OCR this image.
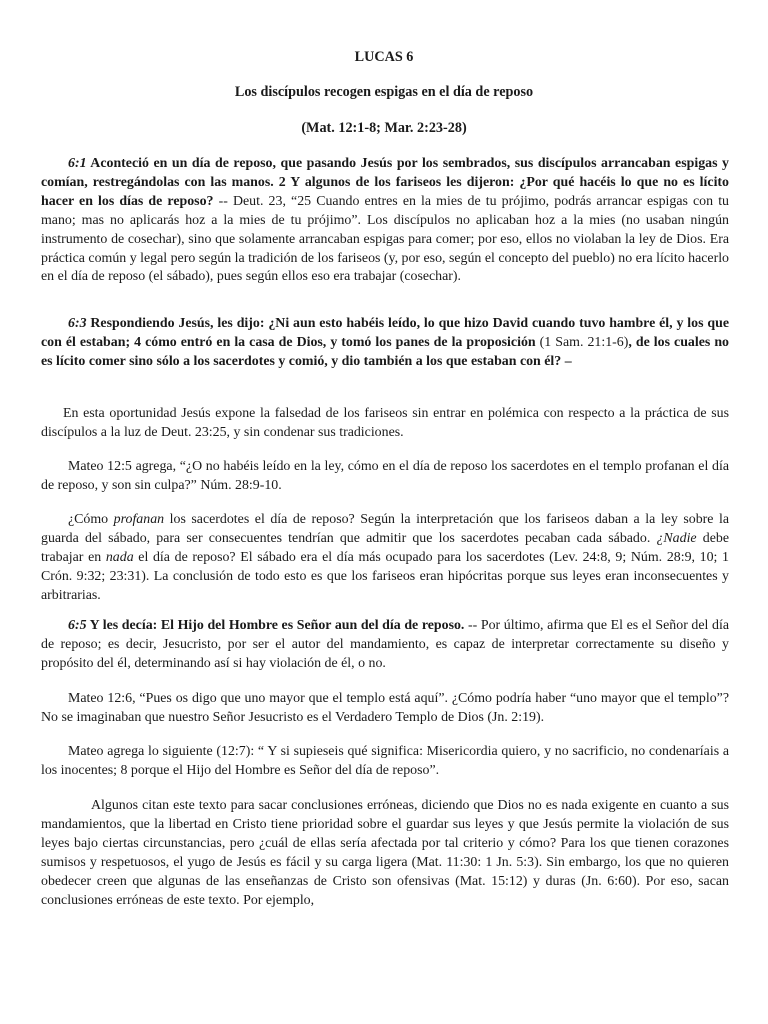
LUCAS 6

Los discípulos recogen espigas en el día de reposo

(Mat. 12:1-8; Mar. 2:23-28)

6:1 Aconteció en un día de reposo, que pasando Jesús por los sembrados, sus discípulos arrancaban espigas y comían, restregándolas con las manos. 2 Y algunos de los fariseos les dijeron: ¿Por qué hacéis lo que no es lícito hacer en los días de reposo? -- Deut. 23, “25 Cuando entres en la mies de tu prójimo, podrás arrancar espigas con tu mano; mas no aplicarás hoz a la mies de tu prójimo”. Los discípulos no aplicaban hoz a la mies (no usaban ningún instrumento de cosechar), sino que solamente arrancaban espigas para comer; por eso, ellos no violaban la ley de Dios. Era práctica común y legal pero según la tradición de los fariseos (y, por eso, según el concepto del pueblo) no era lícito hacerlo en el día de reposo (el sábado), pues según ellos eso era trabajar (cosechar).

6:3 Respondiendo Jesús, les dijo: ¿Ni aun esto habéis leído, lo que hizo David cuando tuvo hambre él, y los que con él estaban; 4 cómo entró en la casa de Dios, y tomó los panes de la proposición (1 Sam. 21:1-6), de los cuales no es lícito comer sino sólo a los sacerdotes y comió, y dio también a los que estaban con él? –

En esta oportunidad Jesús expone la falsedad de los fariseos sin entrar en polémica con respecto a la práctica de sus discípulos a la luz de Deut. 23:25, y sin condenar sus tradiciones.

Mateo 12:5 agrega, “¿O no habéis leído en la ley, cómo en el día de reposo los sacerdotes en el templo profanan el día de reposo, y son sin culpa?” Núm. 28:9-10.

¿Cómo profanan los sacerdotes el día de reposo? Según la interpretación que los fariseos daban a la ley sobre la guarda del sábado, para ser consecuentes tendrían que admitir que los sacerdotes pecaban cada sábado. ¿Nadie debe trabajar en nada el día de reposo? El sábado era el día más ocupado para los sacerdotes (Lev. 24:8, 9; Núm. 28:9, 10; 1 Crón. 9:32; 23:31). La conclusión de todo esto es que los fariseos eran hipócritas porque sus leyes eran inconsecuentes y arbitrarias.

6:5 Y les decía: El Hijo del Hombre es Señor aun del día de reposo. -- Por último, afirma que El es el Señor del día de reposo; es decir, Jesucristo, por ser el autor del mandamiento, es capaz de interpretar correctamente su diseño y propósito del él, determinando así si hay violación de él, o no.

Mateo 12:6, “Pues os digo que uno mayor que el templo está aquí”. ¿Cómo podría haber “uno mayor que el templo”? No se imaginaban que nuestro Señor Jesucristo es el Verdadero Templo de Dios (Jn. 2:19).

Mateo agrega lo siguiente (12:7): “ Y si supieseis qué significa: Misericordia quiero, y no sacrificio, no condenaríais a los inocentes; 8 porque el Hijo del Hombre es Señor del día de reposo”.

Algunos citan este texto para sacar conclusiones erróneas, diciendo que Dios no es nada exigente en cuanto a sus mandamientos, que la libertad en Cristo tiene prioridad sobre el guardar sus leyes y que Jesús permite la violación de sus leyes bajo ciertas circunstancias, pero ¿cuál de ellas sería afectada por tal criterio y cómo? Para los que tienen corazones sumisos y respetuosos, el yugo de Jesús es fácil y su carga ligera (Mat. 11:30: 1 Jn. 5:3). Sin embargo, los que no quieren obedecer creen que algunas de las enseñanzas de Cristo son ofensivas (Mat. 15:12) y duras (Jn. 6:60). Por eso, sacan conclusiones erróneas de este texto. Por ejemplo,
